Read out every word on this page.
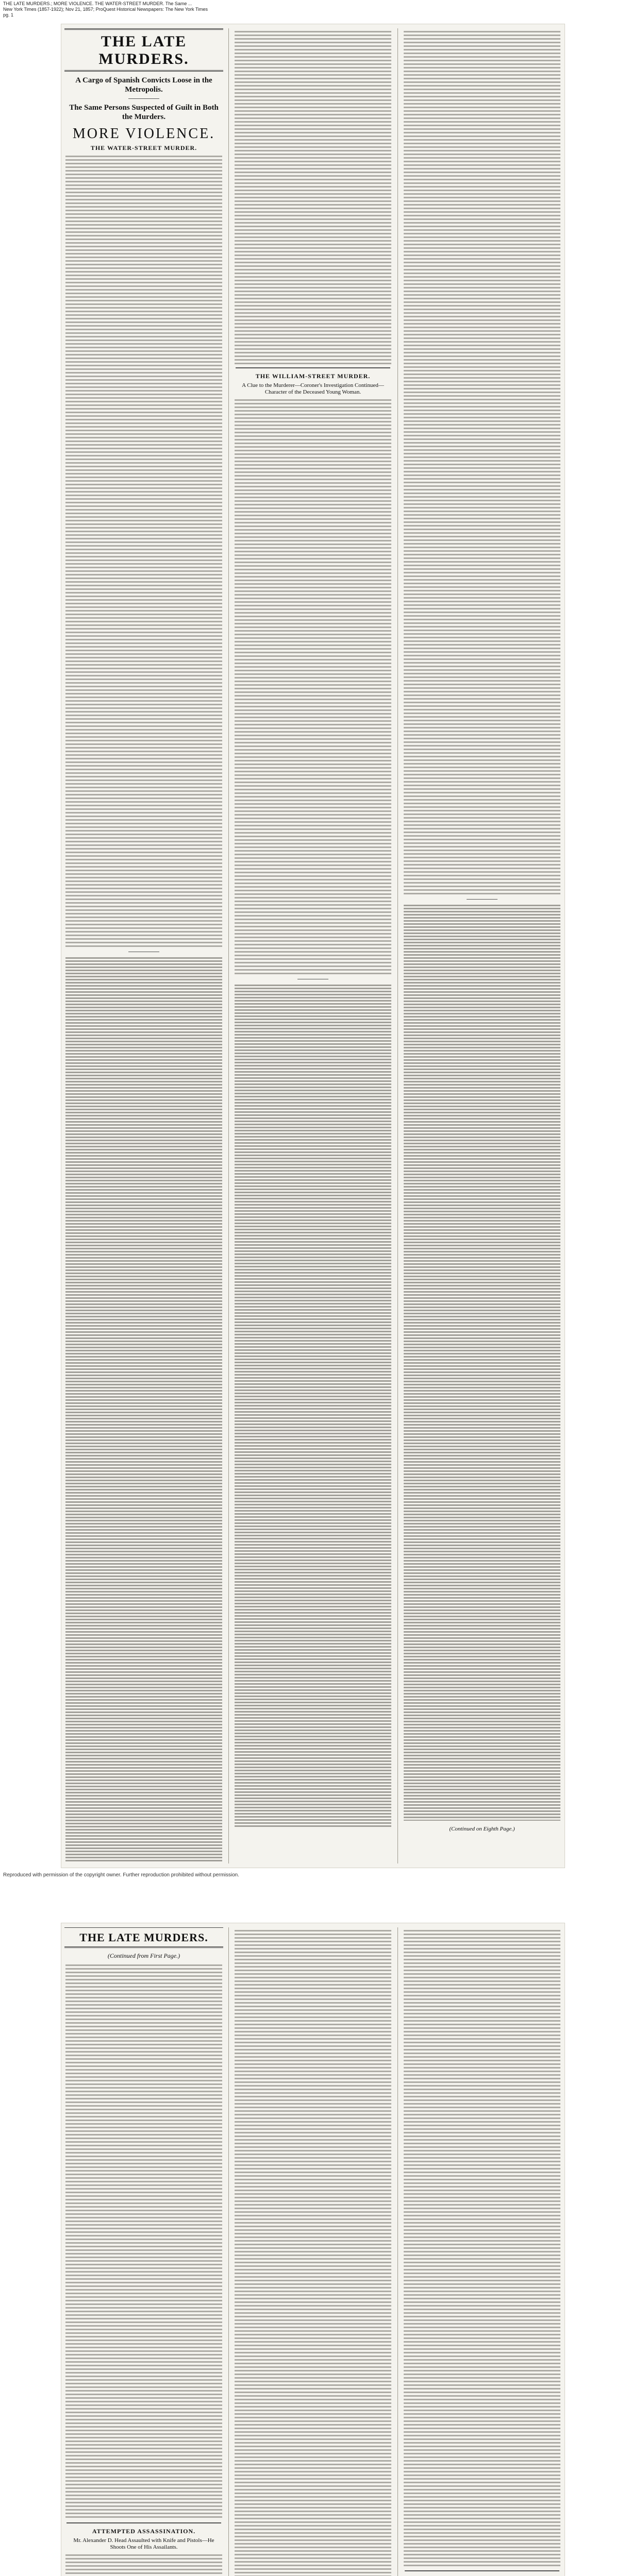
THE LATE MURDERS.; MORE VIOLENCE. THE WATER-STREET MURDER. The Same ...
New York Times (1857-1922); Nov 21, 1857; ProQuest Historical Newspapers: The New York Times
pg. 1
THE LATE MURDERS.
A Cargo of Spanish Convicts Loose in the Metropolis.
The Same Persons Suspected of Guilt in Both the Murders.
MORE VIOLENCE.
THE WATER-STREET MURDER.
THE WILLIAM-STREET MURDER.
A Clue to the Murderer—Coroner's Investigation Continued—Character of the Deceased Young Woman.
(Continued on Eighth Page.)
Reproduced with permission of the copyright owner. Further reproduction prohibited without permission.
THE LATE MURDERS.
(Continued from First Page.)
ATTEMPTED ASSASSINATION.
Mr. Alexander D. Head Assaulted with Knife and Pistols—He Shoots One of His Assailants.
